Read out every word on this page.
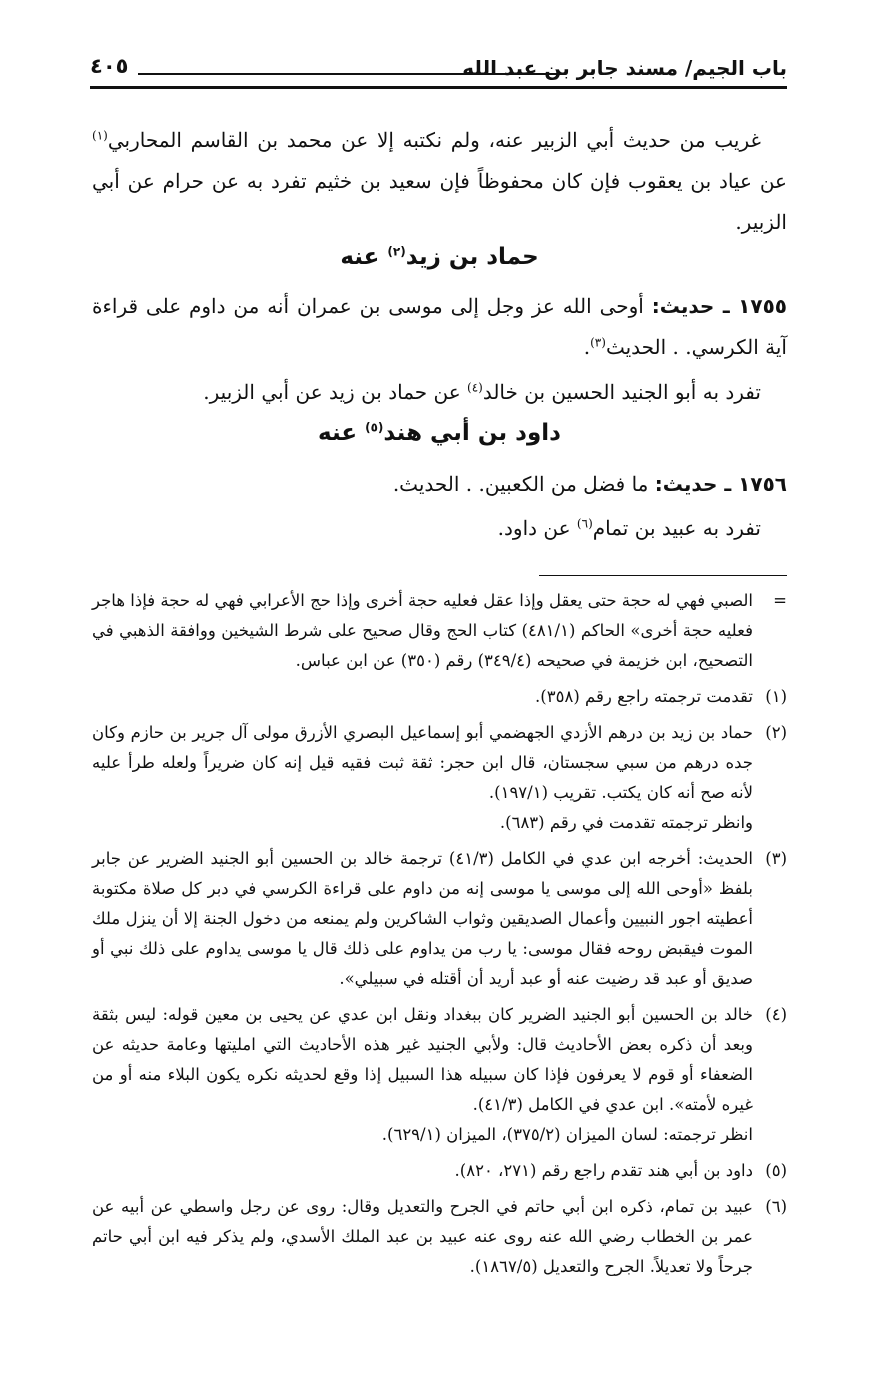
باب الجيم/ مسند جابر بن عبد الله
٤٠٥
غريب من حديث أبي الزبير عنه، ولم نكتبه إلا عن محمد بن القاسم المحاربي$^{(١)}$ عن عياد بن يعقوب فإن كان محفوظاً فإن سعيد بن خثيم تفرد به عن حرام عن أبي الزبير.
حماد بن زيد$^{(٢)}$ عنه
١٧٥٥ ـ حديث: أوحى الله عز وجل إلى موسى بن عمران أنه من داوم على قراءة آية الكرسي. . الحديث$^{(٣)}$.
تفرد به أبو الجنيد الحسين بن خالد$^{(٤)}$ عن حماد بن زيد عن أبي الزبير.
داود بن أبي هند$^{(٥)}$ عنه
١٧٥٦ ـ حديث: ما فضل من الكعبين. . الحديث.
تفرد به عبيد بن تمام$^{(٦)}$ عن داود.
=

الصبي فهي له حجة حتى يعقل وإذا عقل فعليه حجة أخرى وإذا حج الأعرابي فهي له حجة فإذا هاجر فعليه حجة أخرى» الحاكم (٤٨١/١) كتاب الحج وقال صحيح على شرط الشيخين ووافقة الذهبي في التصحيح، ابن خزيمة في صحيحه (٣٤٩/٤) رقم (٣٥٠) عن ابن عباس.

(١)

تقدمت ترجمته راجع رقم (٣٥٨).

(٢)

حماد بن زيد بن درهم الأزدي الجهضمي أبو إسماعيل البصري الأزرق مولى آل جرير بن حازم وكان جده درهم من سبي سجستان، قال ابن حجر: ثقة ثبت فقيه قيل إنه كان ضريراً ولعله طرأ عليه لأنه صح أنه كان يكتب. تقريب (١٩٧/١).

وانظر ترجمته تقدمت في رقم (٦٨٣).

(٣)

الحديث: أخرجه ابن عدي في الكامل (٤١/٣) ترجمة خالد بن الحسين أبو الجنيد الضرير عن جابر بلفظ «أوحى الله إلى موسى يا موسى إنه من داوم على قراءة الكرسي في دبر كل صلاة مكتوبة أعطيته اجور النبيين وأعمال الصديقين وثواب الشاكرين ولم يمنعه من دخول الجنة إلا أن ينزل ملك الموت فيقبض روحه فقال موسى: يا رب من يداوم على ذلك قال يا موسى يداوم على ذلك نبي أو صديق أو عبد قد رضيت عنه أو عبد أريد أن أقتله في سبيلي».

(٤)

خالد بن الحسين أبو الجنيد الضرير كان ببغداد ونقل ابن عدي عن يحيى بن معين قوله: ليس بثقة وبعد أن ذكره بعض الأحاديث قال: ولأبي الجنيد غير هذه الأحاديث التي امليتها وعامة حديثه عن الضعفاء أو قوم لا يعرفون فإذا كان سبيله هذا السبيل إذا وقع لحديثه نكره يكون البلاء منه أو من غيره لأمته». ابن عدي في الكامل (٤١/٣).

انظر ترجمته: لسان الميزان (٣٧٥/٢)، الميزان (٦٢٩/١).

(٥)

داود بن أبي هند تقدم راجع رقم (٢٧١، ٨٢٠).

(٦)

عبيد بن تمام، ذكره ابن أبي حاتم في الجرح والتعديل وقال: روى عن رجل واسطي عن أبيه عن عمر بن الخطاب رضي الله عنه روى عنه عبيد بن عبد الملك الأسدي، ولم يذكر فيه ابن أبي حاتم جرحاً ولا تعديلاً. الجرح والتعديل (١٨٦٧/٥).
